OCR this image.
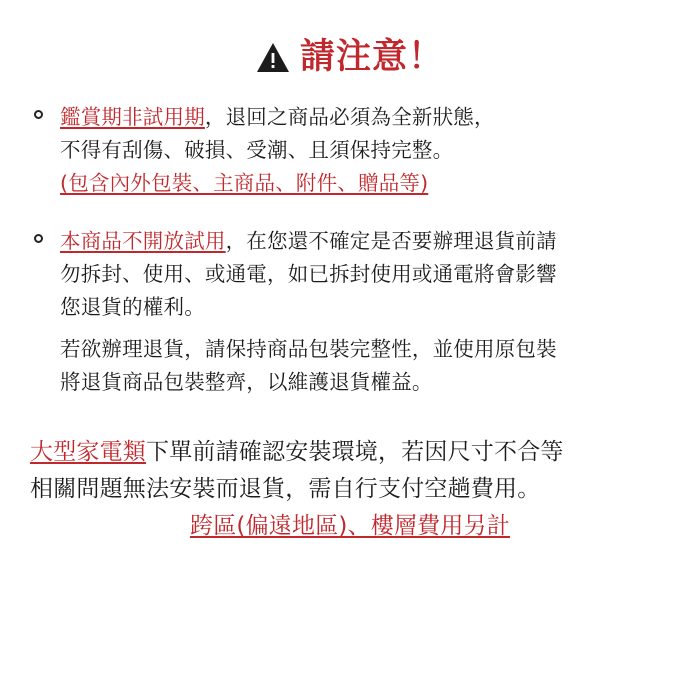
請注意！
鑑賞期非試用期，退回之商品必須為全新狀態，
不得有刮傷、破損、受潮、且須保持完整。
(包含內外包裝、主商品、附件、贈品等)
本商品不開放試用，在您還不確定是否要辦理退貨前請
勿拆封、使用、或通電，如已拆封使用或通電將會影響
您退貨的權利。
若欲辦理退貨，請保持商品包裝完整性，並使用原包裝
將退貨商品包裝整齊，以維護退貨權益。
大型家電類下單前請確認安裝環境，若因尺寸不合等
相關問題無法安裝而退貨，需自行支付空趟費用。
跨區(偏遠地區)、樓層費用另計
